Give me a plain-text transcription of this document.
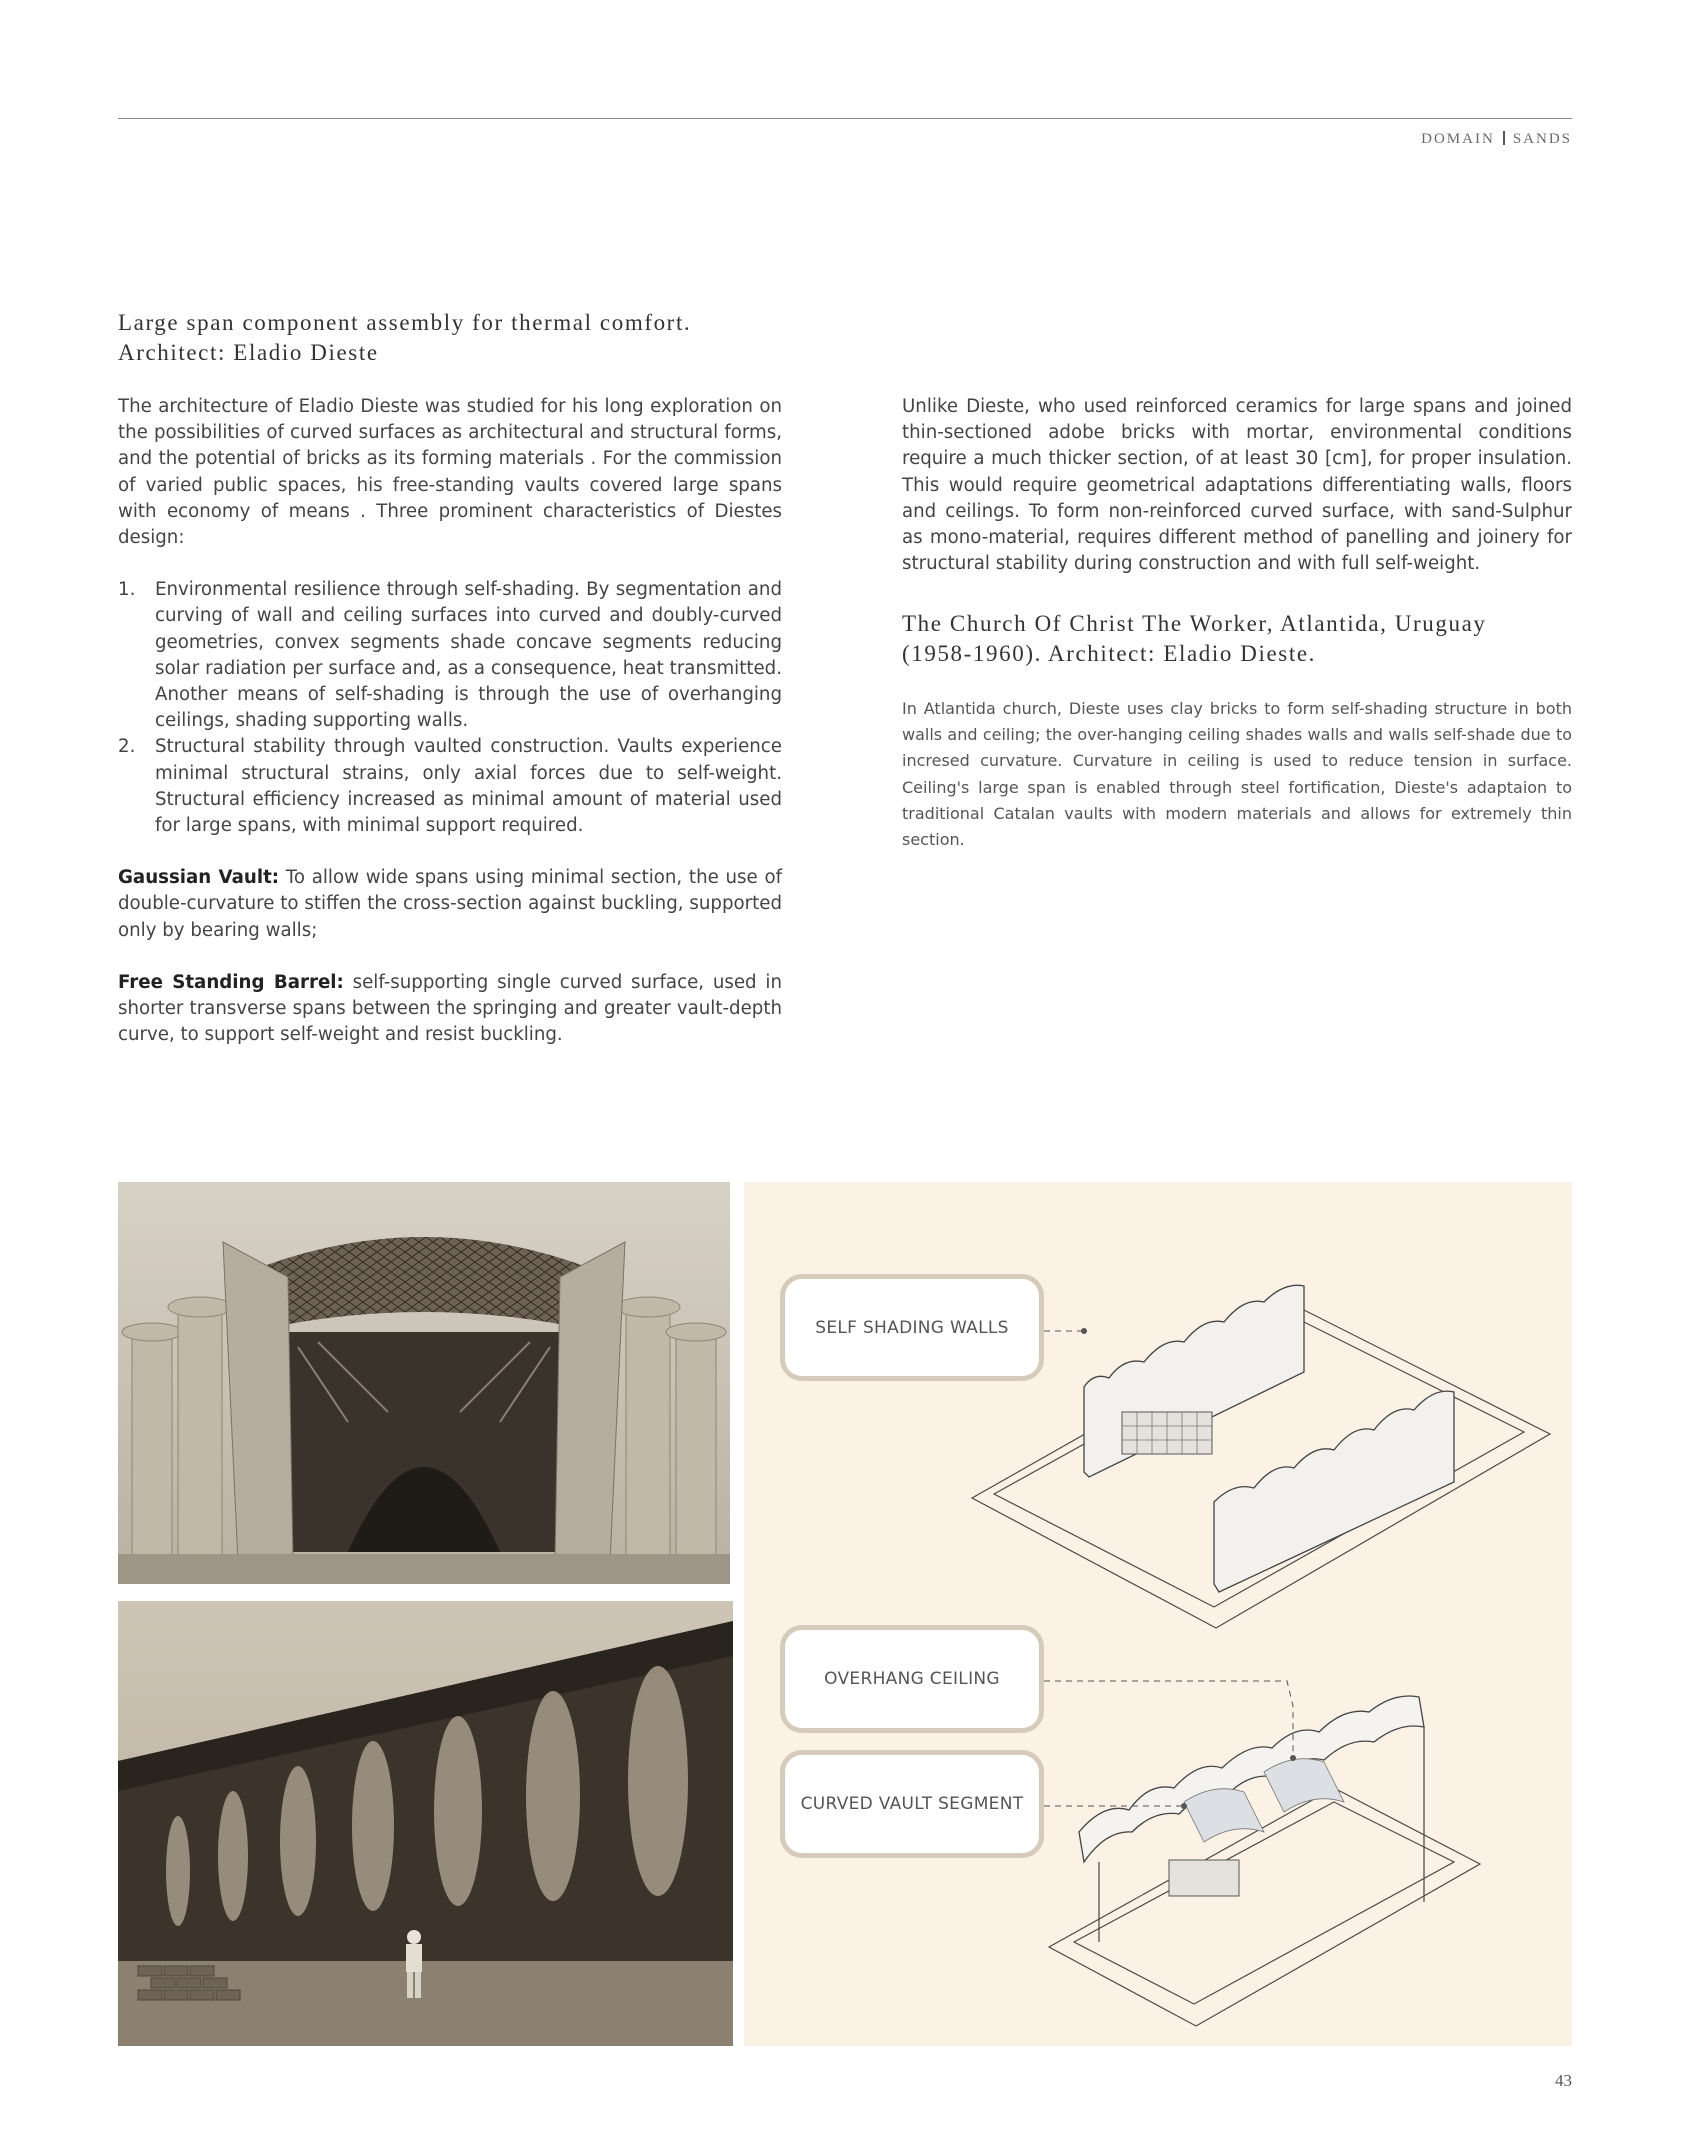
DOMAIN SANDS
Large span component assembly for thermal comfort.
Architect: Eladio Dieste

The architecture of Eladio Dieste was studied for his long exploration on the possibilities of curved surfaces as architectural and structural forms, and the potential of bricks as its forming materials . For the commission of varied public spaces, his free-standing vaults covered large spans with economy of means . Three prominent characteristics of Diestes design:

1. Environmental resilience through self-shading. By segmentation and curving of wall and ceiling surfaces into curved and doubly-curved geometries, convex segments shade concave segments reducing solar radiation per surface and, as a consequence, heat transmitted. Another means of self-shading is through the use of overhanging ceilings, shading supporting walls.
2. Structural stability through vaulted construction. Vaults experience minimal structural strains, only axial forces due to self-weight. Structural efficiency increased as minimal amount of material used for large spans, with minimal support required.

Gaussian Vault: To allow wide spans using minimal section, the use of double-curvature to stiffen the cross-section against buckling, supported only by bearing walls;

Free Standing Barrel: self-supporting single curved surface, used in shorter transverse spans between the springing and greater vault-depth curve, to support self-weight and resist buckling.

Unlike Dieste, who used reinforced ceramics for large spans and joined thin-sectioned adobe bricks with mortar, environmental conditions require a much thicker section, of at least 30 [cm], for proper insulation. This would require geometrical adaptations differentiating walls, floors and ceilings. To form non-reinforced curved surface, with sand-Sulphur as mono-material, requires different method of panelling and joinery for structural stability during construction and with full self-weight.

The Church Of Christ The Worker, Atlantida, Uruguay
(1958-1960). Architect: Eladio Dieste.
In Atlantida church, Dieste uses clay bricks to form self-shading structure in both walls and ceiling; the over-hanging ceiling shades walls and walls self-shade due to incresed curvature. Curvature in ceiling is used to reduce tension in surface. Ceiling's large span is enabled through steel fortification, Dieste's adaptaion to traditional Catalan vaults with modern materials and allows for extremely thin section.
SELF SHADING WALLS
OVERHANG CEILING
CURVED VAULT SEGMENT
43
